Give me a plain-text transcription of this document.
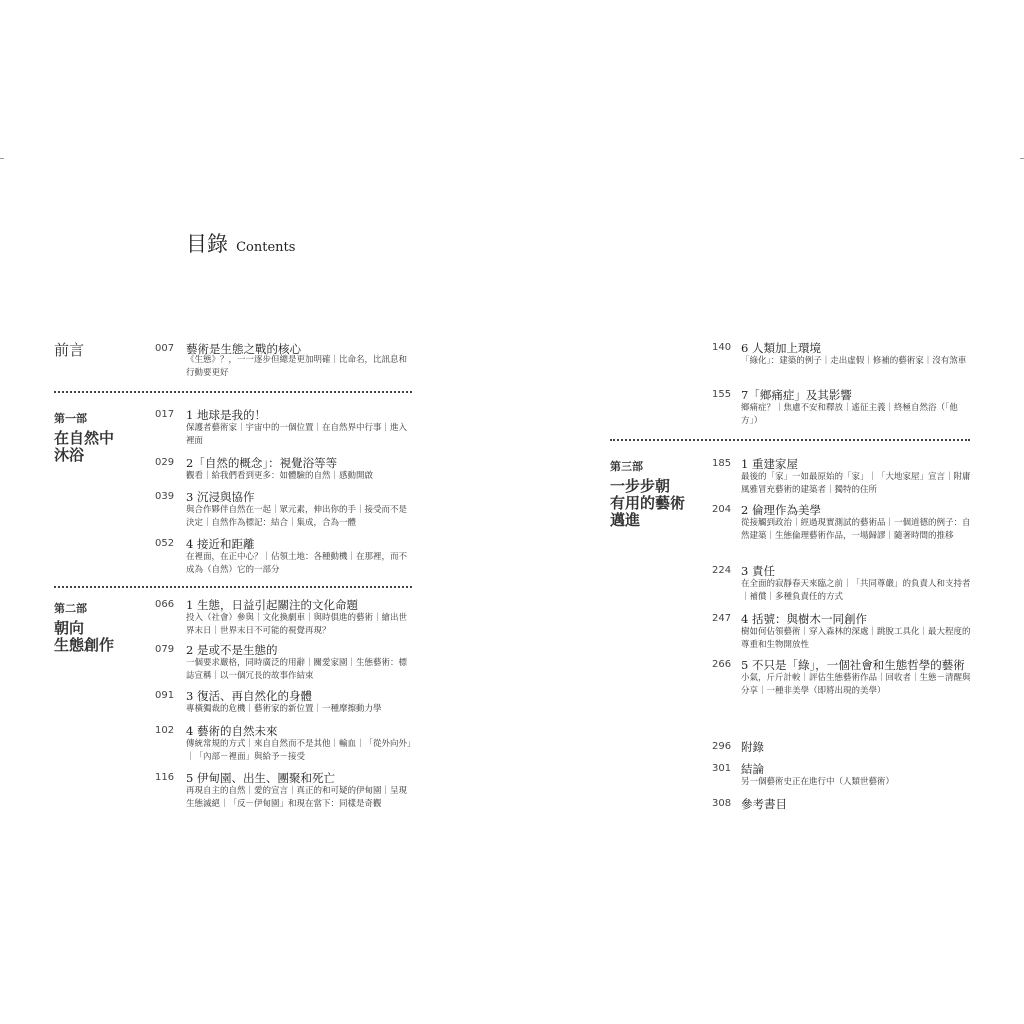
目錄 Contents
前言	007 藝術是生態之戰的核心
《生態》？，一一逐步但總是更加明確｜比命名，比訊息和行動要更好
第一部
在自然中
沐浴
017 1 地球是我的！
保護者藝術家｜宇宙中的一個位置｜在自然界中行事｜進入裡面
029 2「自然的概念」：視覺浴等等
觀看｜給我們看到更多：如體驗的自然｜感動開啟
039 3 沉浸與協作
與合作夥伴自然在一起｜眾元素，伸出你的手｜接受而不是決定｜自然作為標記：結合｜集成，合為一體
052 4 接近和距離
在裡面，在正中心？｜佔領土地：各種動機｜在那裡，而不成為（自然）它的一部分
第二部
朝向
生態創作
066 1 生態，日益引起關注的文化命題
投入（社會）參與｜文化換劇車｜與時俱進的藝術｜繪出世界末日｜世界末日不可能的視覺再現？
079 2 是或不是生態的
一個要求嚴格，同時廣泛的用辭｜關愛家園｜生態藝術：標誌宣稱｜以一個冗長的故事作結束
091 3 復活、再自然化的身體
專橫獨裁的危機｜藝術家的新位置｜一種摩擦動力學
102 4 藝術的自然未來
傳統常規的方式｜來自自然而不是其他｜輸血｜「從外向外」｜「內部－裡面」與給予－接受
116 5 伊甸園、出生、團聚和死亡
再現自主的自然｜愛的宣言｜真正的和可疑的伊甸園｜呈現生態滅絕｜「反－伊甸園」和現在當下：同樣是奇觀
140 6 人類加上環境
「綠化」：建築的例子｜走出虛假｜修補的藝術家｜沒有煞車
155 7「鄉痛症」及其影響
鄉痛症？｜焦慮不安和釋放｜遙征主義｜終極自然浴（「他方」）
第三部
一步步朝
有用的藝術
邁進
185 1 重建家屋
最後的「家」一如最原始的「家」｜「大地家屋」宣言｜附庸風雅冒充藝術的建築者｜獨特的住所
204 2 倫理作為美學
從接觸到政治｜經過現實測試的藝術品｜一個道德的例子：自然建築｜生態倫理藝術作品，一場歸謬｜隨著時間的推移
224 3 責任
在全面的寂靜春天來臨之前｜「共同尊嚴」的負責人和支持者｜補償｜多種負責任的方式
247 4 括號：與樹木一同創作
樹如何佔領藝術｜穿入森林的深處｜跳脫工具化｜最大程度的尊重和生物開放性
266 5 不只是「綠」，一個社會和生態哲學的藝術
小氣，斤斤計較｜評估生態藝術作品｜回收者｜生態－清醒與分享｜一種非美學（即將出現的美學）
296 附錄
301 結論
另一個藝術史正在進行中（人類世藝術）
308 參考書目
